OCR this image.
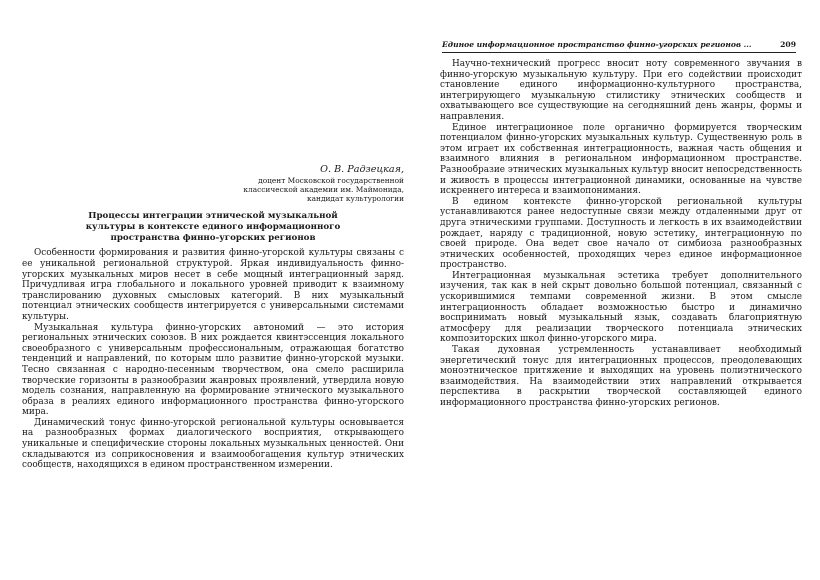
О. В. Радзецкая,
доцент Московской государственной
классической академии им. Маймонида,
кандидат культурологии
Процессы интеграции этнической музыкальной
культуры в контексте единого информационного
пространства финно-угорских регионов

Особенности формирования и развития финно-угорской культуры связаны с ее уникальной региональной структурой. Яркая индивидуальность финно-угорских музыкальных миров несет в себе мощный интеграционный заряд. Причудливая игра глобального и локального уровней приводит к взаимному транслированию духовных смысловых категорий. В них музыкальный потенциал этнических сообществ интегрируется с универсальными системами культуры.

Музыкальная культура финно-угорских автономий — это история региональных этнических союзов. В них рождается квинтэссенция локального своеобразного с универсальным профессиональным, отражающая богатство тенденций и направлений, по которым шло развитие финно-угорской музыки. Тесно связанная с народно-песенным творчеством, она смело расширила творческие горизонты в разнообразии жанровых проявлений, утвердила новую модель сознания, направленную на формирование этнического музыкального образа в реалиях единого информационного пространства финно-угорского мира.

Динамический тонус финно-угорской региональной культуры основывается на разнообразных формах диалогического восприятия, открывающего уникальные и специфические стороны локальных музыкальных ценностей. Они складываются из соприкосновения и взаимообогащения культур этнических сообществ, находящихся в едином пространственном измерении.

Единое информационное пространство финно-угорских регионов ...	209

Научно-технический прогресс вносит ноту современного звучания в финно-угорскую музыкальную культуру. При его содействии происходит становление единого информационно-культурного пространства, интегрирующего музыкальную стилистику этнических сообществ и охватывающего все существующие на сегодняшний день жанры, формы и направления.

Единое интеграционное поле органично формируется творческим потенциалом финно-угорских музыкальных культур. Существенную роль в этом играет их собственная интеграционность, важная часть общения и взаимного влияния в региональном информационном пространстве. Разнообразие этнических музыкальных культур вносит непосредственность и живость в процессы интеграционной динамики, основанные на чувстве искреннего интереса и взаимопонимания.

В едином контексте финно-угорской региональной культуры устанавливаются ранее недоступные связи между отдаленными друг от друга этническими группами. Доступность и легкость в их взаимодействии рождает, наряду с традиционной, новую эстетику, интеграционную по своей природе. Она ведет свое начало от симбиоза разнообразных этнических особенностей, проходящих через единое информационное пространство.

Интеграционная музыкальная эстетика требует дополнительного изучения, так как в ней скрыт довольно большой потенциал, связанный с ускорившимися темпами современной жизни. В этом смысле интеграционность обладает возможностью быстро и динамично воспринимать новый музыкальный язык, создавать благоприятную атмосферу для реализации творческого потенциала этнических композиторских школ финно-угорского мира.

Такая духовная устремленность устанавливает необходимый энергетический тонус для интеграционных процессов, преодолевающих моноэтническое притяжение и выходящих на уровень полиэтнического взаимодействия. На взаимодействии этих направлений открывается перспектива в раскрытии творческой составляющей единого информационного пространства финно-угорских регионов.
